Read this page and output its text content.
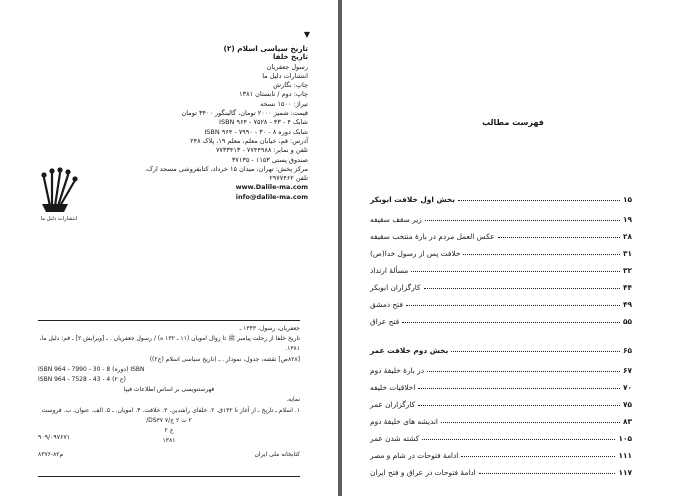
▼
تاریخ سیاسی اسلام (۲)
تاریخ خلفا
رسول جعفریان
انتشارات دلیل ما
چاپ: نگارش
چاپ: دوم / تابستان ۱۳۸۱
تیراژ: ۱۵۰۰ نسخه
قیمت: شمیز ۲۰۰۰ تومان، گالینگور ۳۴۰۰ تومان
شابک ۴ - ۴۳ - ۷۵۲۸ - ۹۶۴ ISBN
شابک دوره ۸ - ۳۰ - ۷۹۹۰ - ۹۶۴ ISBN
آدرس: قم، خیابان معلم، معلم ۱۹، پلاک ۲۴۸
تلفن و نمابر: ۷۷۴۴۹۸۸ - ۷۷۳۳۴۱۳
صندوق پستی ۱۱۵۳ - ۳۷۱۳۵
مرکز پخش: تهران، میدان ۱۵ خرداد، کتابفروشی مسجد ارک، تلفن ۲۹۷۷۴۶۲
www.Dalile-ma.com
info@dalile-ma.com
انتشارات دلیل ما
جعفریان، رسول، ۱۳۴۳ ـ
تاریخ خلفا از رحلت پیامبر ﷺ تا زوال امویان (۱۱ ـ ۱۳۲ ه) / رسول جعفریان . ـ [ویرایش ۲] ـ قم: دلیل ما، ۱۳۸۱.
[۸۲۸ص] نقشه، جدول، نمودار . ـ (تاریخ سیاسی اسلام (ج۲))
ISBN 964 - 7990 - 30 - 8 (دوره) ISBN
ISBN 964 - 7528 - 43 - 4 (ج ۲)
فهرستنویسی بر اساس اطلاعات فیپا
نمایه.
۱. اسلام ـ تاریخ ـ از آغاز تا ۱۳۲ق. ۲. خلفای راشدین. ۳. خلافت. ۴. امویان. ـ ۵. الف. عنوان. ب. فروست
۲ ت ۲ ج/۷ DS۳۷/
ج ۲
۱۳۸۱
م۸۲-۸۳۷۶	کتابخانه ملی ایران
۹۰۹/۰۹۷۶۷۱
فهرست مطالب
بخش اول خلافت ابوبکر	۱۵
زیر سقف سقیفه	۱۹
عکس العمل مردم در بارهٔ منتخب سقیفه	۲۸
خلافت پس از رسول خدا(ص)	۳۱
مسألهٔ ارتداد	۳۲
کارگزاران ابوبکر	۴۴
فتح دمشق	۴۹
فتح عراق	۵۵
بخش دوم خلافت عمر	۶۵
در بارهٔ خلیفهٔ دوم	۶۷
اخلاقیات خلیفه	۷۰
کارگزاران عمر	۷۵
اندیشه های خلیفهٔ دوم	۸۳
کشته شدن عمر	۱۰۵
ادامهٔ فتوحات در شام و مصر	۱۱۱
ادامهٔ فتوحات در عراق و فتح ایران	۱۱۷
